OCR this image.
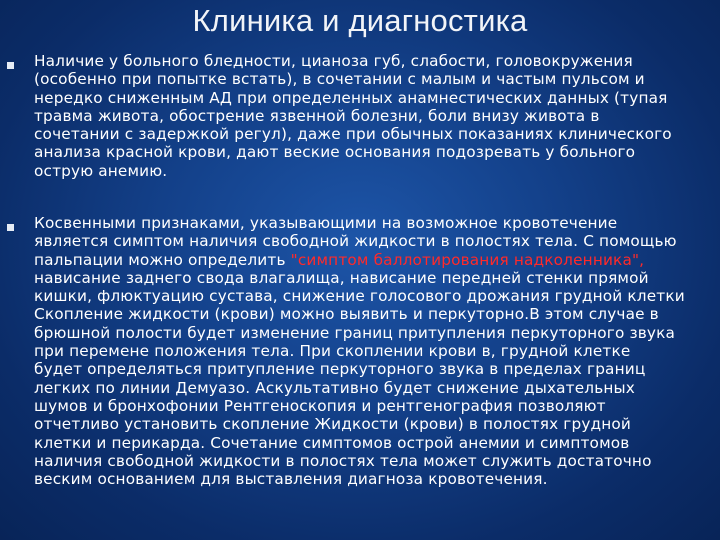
Клиника и диагностика
Наличие у больного бледности, цианоза губ, слабости, головокружения
(особенно при попытке встать), в сочетании с малым и частым пульсом и
нередко сниженным АД при определенных анамнестических данных (тупая
травма живота, обострение язвенной болезни, боли внизу живота в
сочетании с задержкой регул), даже при обычных показаниях клинического
анализа красной крови, дают веские основания подозревать у больного
острую анемию.
Косвенными признаками, указывающими на возможное кровотечение
является симптом наличия свободной жидкости в полостях тела. С помощью
пальпации можно определить "симптом баллотирования надколенника",
нависание заднего свода влагалища, нависание передней стенки прямой
кишки, флюктуацию сустава, снижение голосового дрожания грудной клетки
Скопление жидкости (крови) можно выявить и перкуторно.В этом случае в
брюшной полости будет изменение границ притупления перкуторного звука
при перемене положения тела. При скоплении крови в, грудной клетке
будет определяться притупление перкуторного звука в пределах границ
легких по линии Демуазо. Аскультативно будет снижение дыхательных
шумов и бронхофонии Рентгеноскопия и рентгенография позволяют
отчетливо установить скопление Жидкости (крови) в полостях грудной
клетки и перикарда. Сочетание симптомов острой анемии и симптомов
наличия свободной жидкости в полостях тела может служить достаточно
веским основанием для выставления диагноза кровотечения.
